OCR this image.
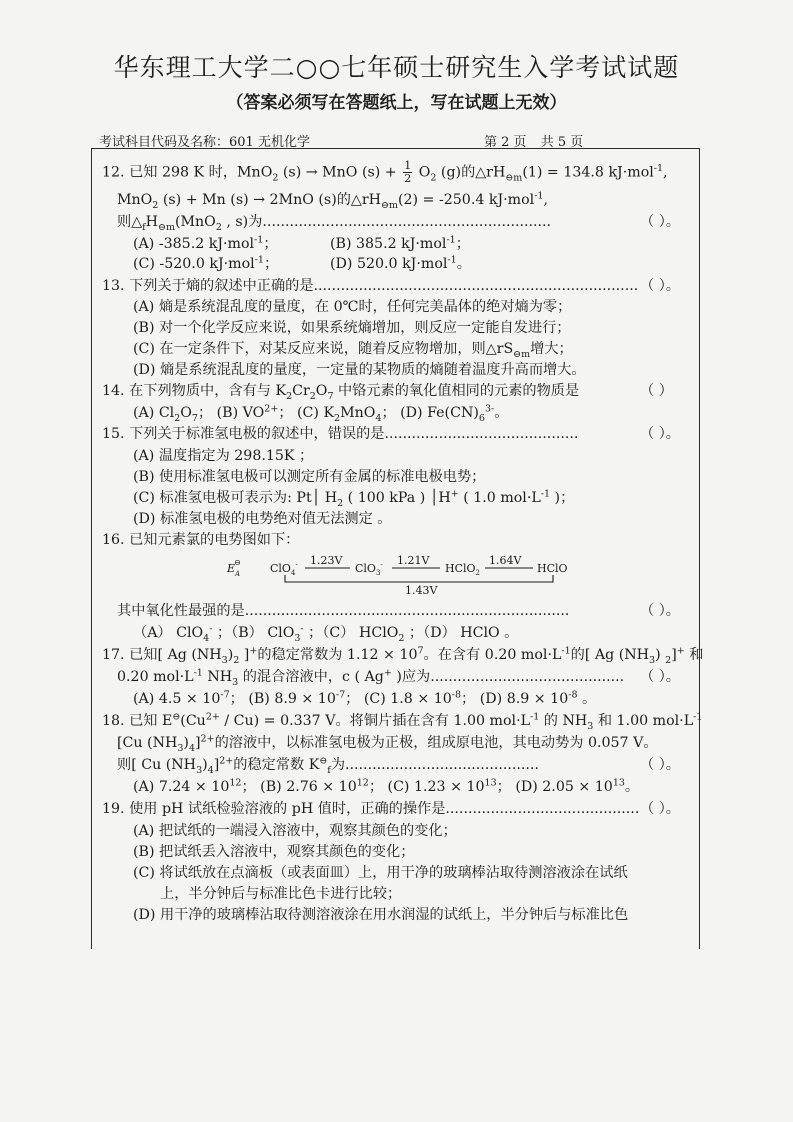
华东理工大学二○○七年硕士研究生入学考试试题
（答案必须写在答题纸上，写在试题上无效）
考试科目代码及名称：601 无机化学	第 2 页 共 5 页
12. 已知 298 K 时，MnO$_2$ (s) → MnO $(s) + \frac{1}{2} O_2$ (g)的$\triangle rH_{⊖m}(1) = 134.8$ kJ·mol$^{-1}$,
MnO$_2$ (s) + Mn (s) → 2MnO (s)的$\triangle rH_{⊖m}(2) = -250.4$ kJ·mol$^{-1}$,
则$\triangle_fH_{⊖m}(MnO_2$ , s)为................................................................	（ ）。
(A) -385.2 kJ·mol$^{-1}$；	(B) 385.2 kJ·mol$^{-1}$；
(C) -520.0 kJ·mol$^{-1}$；	(D) 520.0 kJ·mol$^{-1}$。
13. 下列关于熵的叙述中正确的是........................................................................ （ ）。
(A) 熵是系统混乱度的量度，在 0℃时，任何完美晶体的绝对熵为零；
(B) 对一个化学反应来说，如果系统熵增加，则反应一定能自发进行；
(C) 在一定条件下，对某反应来说，随着反应物增加，则$\triangle rS_{⊖m}$增大；
(D) 熵是系统混乱度的量度，一定量的某物质的熵随着温度升高而增大。
14. 在下列物质中，含有与 $K_2Cr_2O_7$ 中铬元素的氧化值相同的元素的物质是	（ ）
(A) $Cl_2O_7$； (B) $VO^{2+}$； (C) $K_2MnO_4$； (D) $Fe(CN)_6^{3-}$。
15. 下列关于标准氢电极的叙述中，错误的是...........................................	（ ）。
(A) 温度指定为 298.15K ；
(B) 使用标准氢电极可以测定所有金属的标准电极电势；
(C) 标准氢电极可表示为: Pt│ $H_2$ ( 100 kPa ) │H+ ( 1.0 $mol\cdot L^{-1}$ )；
(D) 标准氢电极的电势绝对值无法测定 。
16. 已知元素氯的电势图如下：
$E_A⊖$	ClO$_4$-	ClO$_3$-	HClO$_2$	HClO
1.23V	1.21V	1.64V
1.43V
其中氧化性最强的是........................................................................	（ ）。
（A） ClO$_4$- ；（B） ClO$_3$- ；（C） HClO$_2$ ；（D） HClO 。
17. 已知[ Ag $(NH_3)_2$ ]+的稳定常数为 $1.12 \times 10^7$。在含有 0.20 $mol\cdot L^{-1}$的[ Ag $(NH_3)$ $_2$]+ 和
0.20 $mol\cdot L^{-1}$ $NH_3$ 的混合溶液中，c ( Ag+ )应为........................................... （ ）。
(A) $4.5 \times 10^{-7}$； (B) $8.9 \times 10^{-7}$； (C) $1.8 \times 10^{-8}$； (D) $8.9 \times 10^{-8}$ 。
18. 已知 $E^⊖(Cu^{2+} / Cu) = 0.337$ V。将铜片插在含有 1.00 $mol\cdot L^{-1}$ 的 $NH_3$ 和 1.00 $mol\cdot L^{-1}$
[Cu $(NH_3)_4]^{2+}$的溶液中，以标准氢电极为正极，组成原电池，其电动势为 0.057 V。
则[ Cu $(NH_3)_4]^{2+}$的稳定常数 $K^⊖_f$为...........................................	（ ）。
(A) $7.24 \times 10^{12}$； (B) $2.76 \times 10^{12}$； (C) $1.23 \times 10^{13}$； (D) $2.05 \times 10^{13}$。
19. 使用 pH 试纸检验溶液的 pH 值时，正确的操作是........................................... （ ）。
(A) 把试纸的一端浸入溶液中，观察其颜色的变化；
(B) 把试纸丢入溶液中，观察其颜色的变化；
(C) 将试纸放在点滴板（或表面皿）上，用干净的玻璃棒沾取待测溶液涂在试纸
上，半分钟后与标准比色卡进行比较；
(D) 用干净的玻璃棒沾取待测溶液涂在用水润湿的试纸上，半分钟后与标准比色
